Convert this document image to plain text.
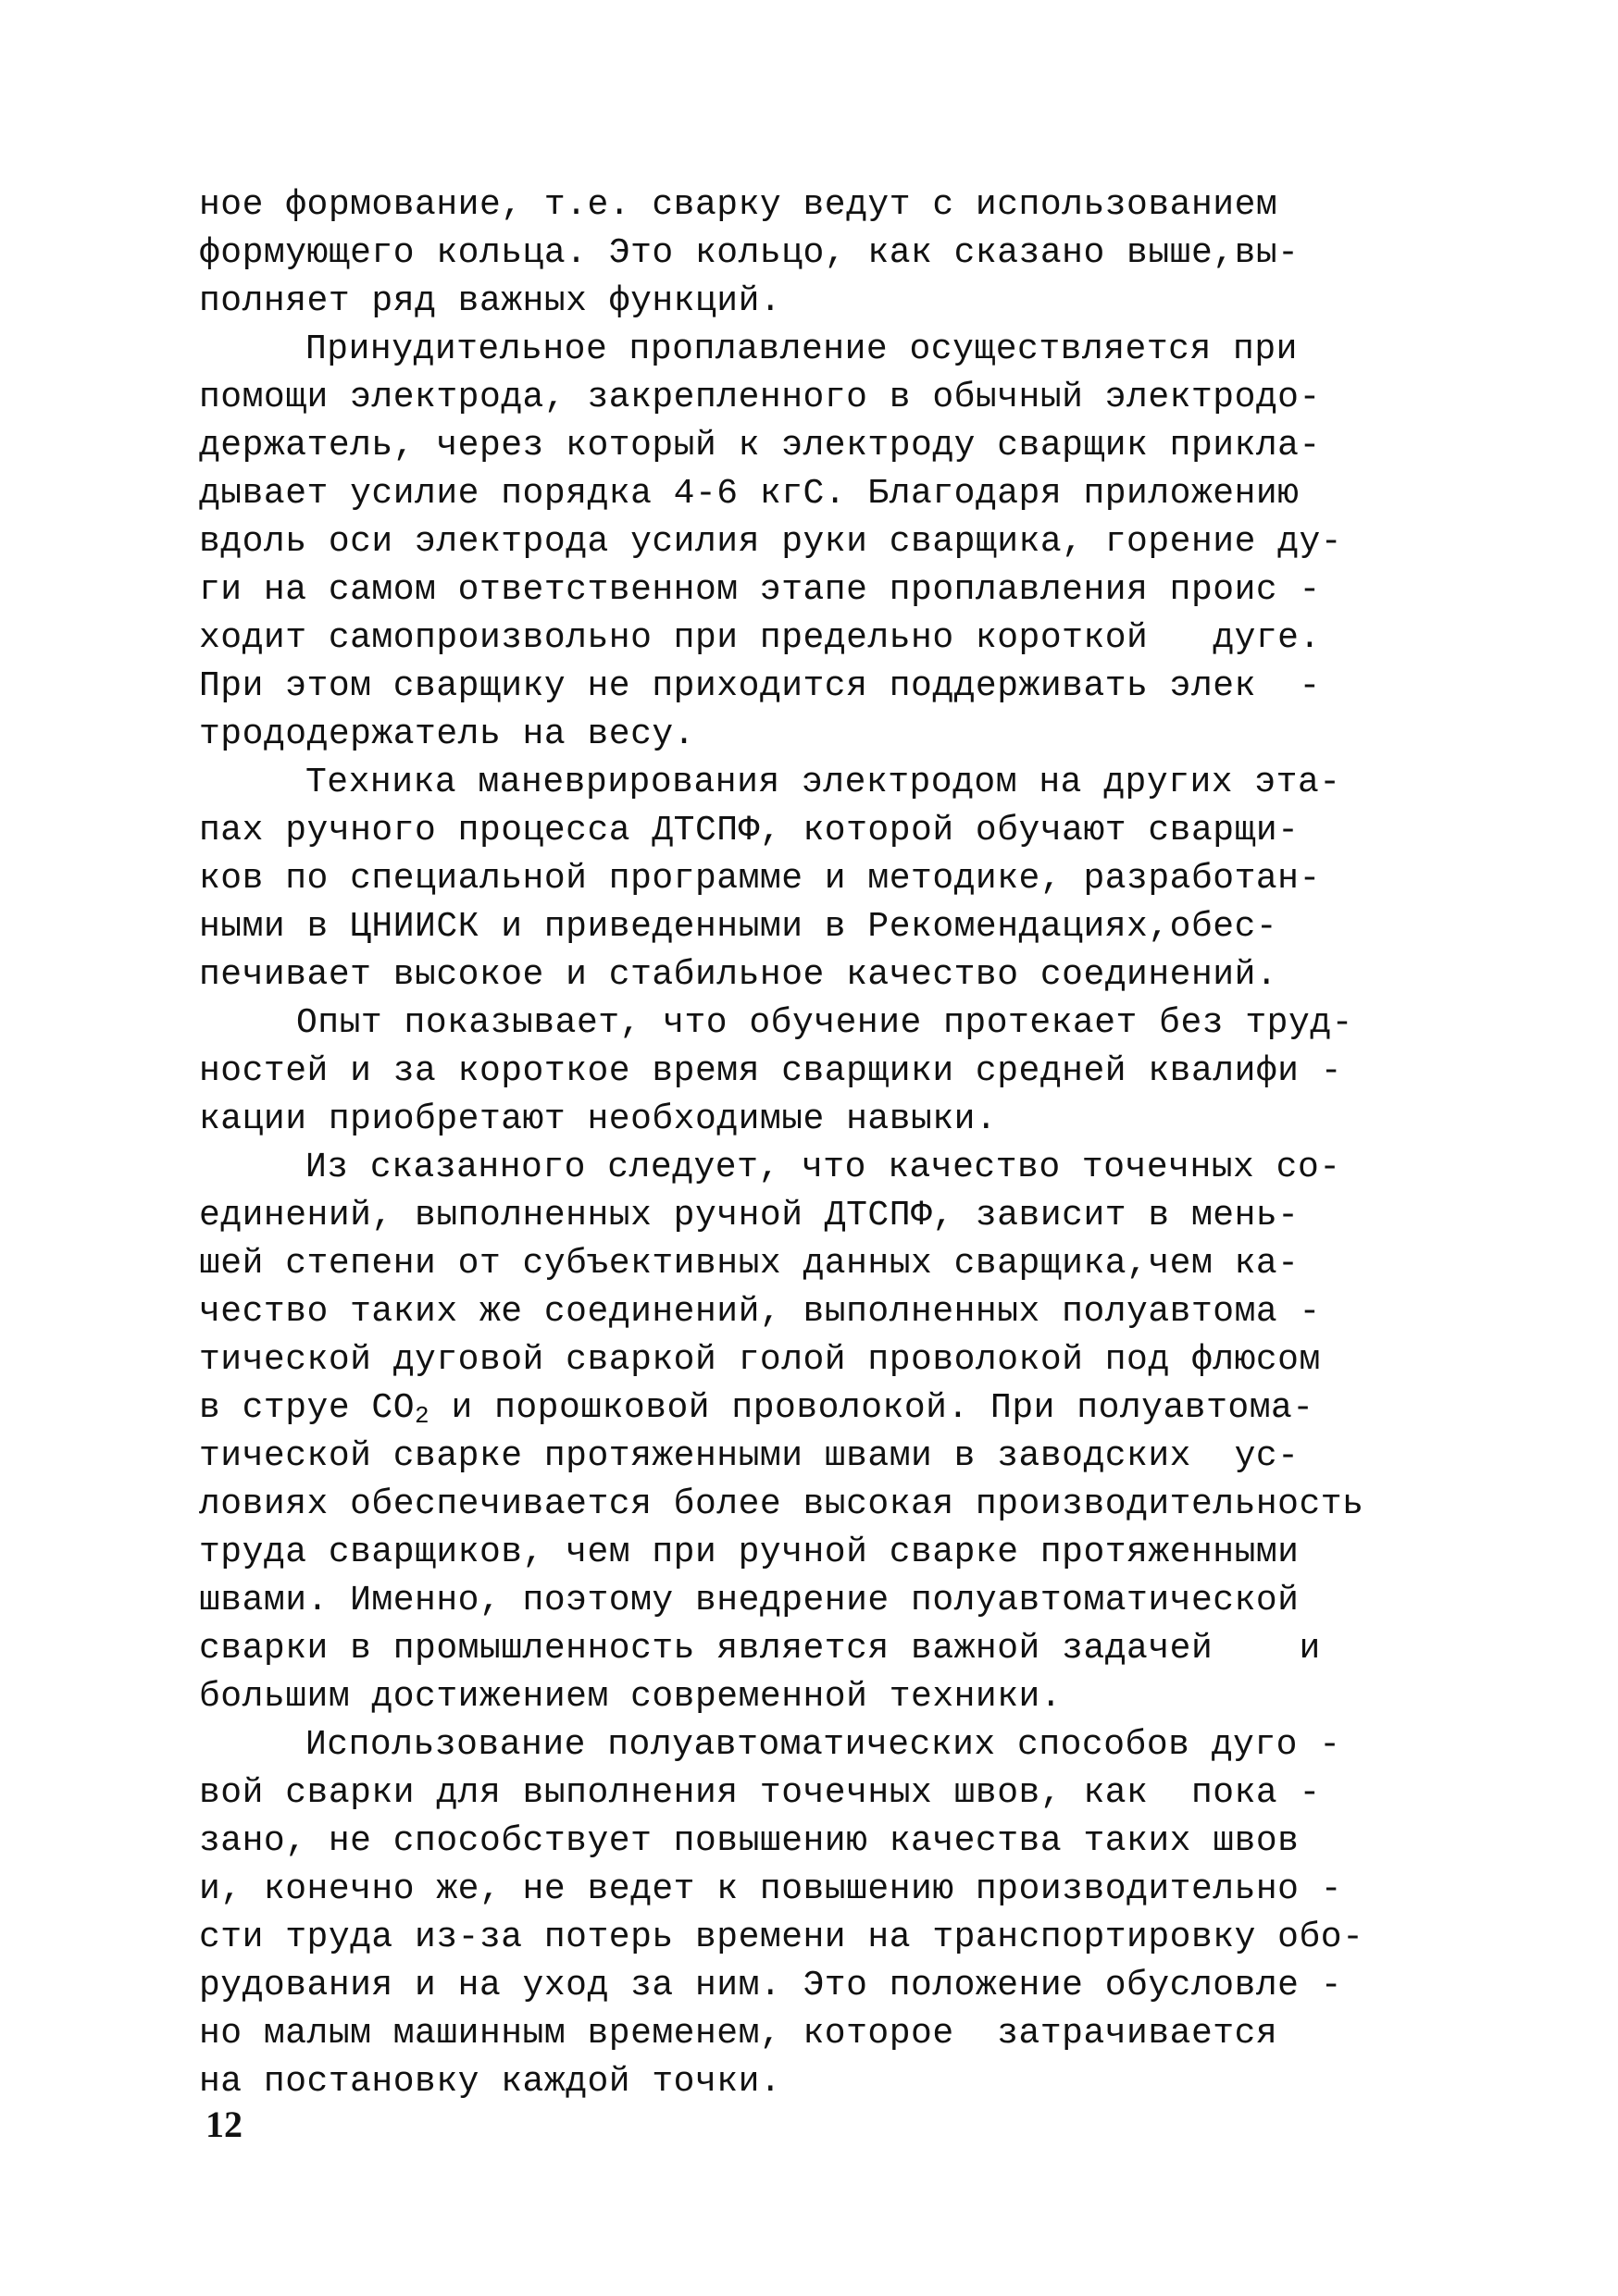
ное формование, т.е. сварку ведут с использованием
формующего кольца. Это кольцо, как сказано выше,вы-
полняет ряд важных функций.
Принудительное проплавление осуществляется при
помощи электрода, закрепленного в обычный электродо-
держатель, через который к электроду сварщик прикла-
дывает усилие порядка 4-6 кгС. Благодаря приложению
вдоль оси электрода усилия руки сварщика, горение ду-
ги на самом ответственном этапе проплавления проис -
ходит самопроизвольно при предельно короткой   дуге.
При этом сварщику не приходится поддерживать элек  -
трододержатель на весу.
Техника маневрирования электродом на других эта-
пах ручного процесса ДТСПФ, которой обучают сварщи-
ков по специальной программе и методике, разработан-
ными в ЦНИИСК и приведенными в Рекомендациях,обес-
печивает высокое и стабильное качество соединений.
Опыт показывает, что обучение протекает без труд-
ностей и за короткое время сварщики средней квалифи -
кации приобретают необходимые навыки.
Из сказанного следует, что качество точечных со-
единений, выполненных ручной ДТСПФ, зависит в мень-
шей степени от субъективных данных сварщика,чем ка-
чество таких же соединений, выполненных полуавтома -
тической дуговой сваркой голой проволокой под флюсом
в струе $CO_2$ и порошковой проволокой. При полуавтома-
тической сварке протяженными швами в заводских  ус-
ловиях обеспечивается более высокая производительность
труда сварщиков, чем при ручной сварке протяженными
швами. Именно, поэтому внедрение полуавтоматической
сварки в промышленность является важной задачей    и
большим достижением современной техники.
Использование полуавтоматических способов дуго -
вой сварки для выполнения точечных швов, как  пока -
зано, не способствует повышению качества таких швов
и, конечно же, не ведет к повышению производительно -
сти труда из-за потерь времени на транспортировку обо-
рудования и на уход за ним. Это положение обусловле -
но малым машинным временем, которое  затрачивается
на постановку каждой точки.
12
